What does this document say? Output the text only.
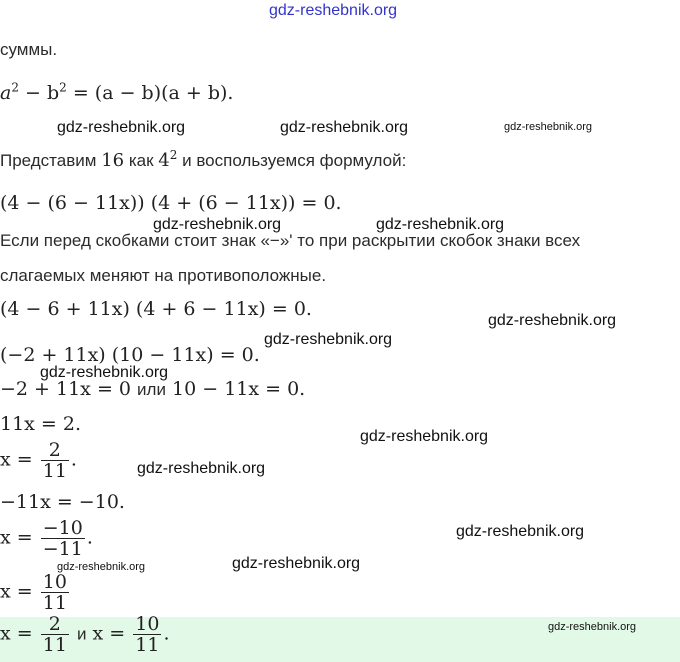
gdz-reshebnik.org
суммы.
$a^2 - b^2 = (a - b)(a + b)$.
gdz-reshebnik.org	gdz-reshebnik.org	gdz-reshebnik.org
Представим 16 как $4^2$ и воспользуемся формулой:
(4 − (6 − 11x)) (4 + (6 − 11x)) = 0.
gdz-reshebnik.org	gdz-reshebnik.org
Если перед скобками стоит знак «−»' то при раскрытии скобок знаки всех
слагаемых меняют на противоположные.
(4 − 6 + 11x) (4 + 6 − 11x) = 0.
gdz-reshebnik.org
(−2 + 11x) (10 − 11x) = 0.
gdz-reshebnik.org
gdz-reshebnik.org
−2 + 11x = 0 или 10 − 11x = 0.
11x = 2.
gdz-reshebnik.org
$x = \frac{2}{11}$ .	gdz-reshebnik.org
−11x = −10.
$x = \frac{-10}{-11}$ .	gdz-reshebnik.org
gdz-reshebnik.org	gdz-reshebnik.org
$x = \frac{10}{11}$
$x = \frac{2}{11}$ и $x = \frac{10}{11}$ .	gdz-reshebnik.org
